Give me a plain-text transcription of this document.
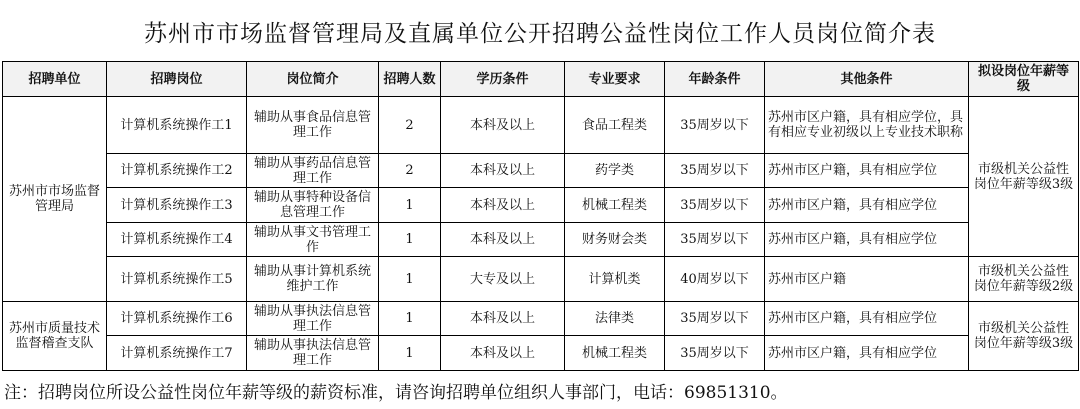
苏州市市场监督管理局及直属单位公开招聘公益性岗位工作人员岗位简介表
招聘单位	招聘岗位	岗位简介	招聘人数	学历条件	专业要求	年龄条件	其他条件	拟设岗位年薪等级
苏州市市场监督管理局	计算机系统操作工1	辅助从事食品信息管理工作	2	本科及以上	食品工程类	35周岁以下	苏州市区户籍，具有相应学位，具有相应专业初级以上专业技术职称	市级机关公益性岗位年薪等级3级
	计算机系统操作工2	辅助从事药品信息管理工作	2	本科及以上	药学类	35周岁以下	苏州市区户籍，具有相应学位	
	计算机系统操作工3	辅助从事特种设备信息管理工作	1	本科及以上	机械工程类	35周岁以下	苏州市区户籍，具有相应学位	
	计算机系统操作工4	辅助从事文书管理工作	1	本科及以上	财务财会类	35周岁以下	苏州市区户籍，具有相应学位	
	计算机系统操作工5	辅助从事计算机系统维护工作	1	大专及以上	计算机类	40周岁以下	苏州市区户籍	市级机关公益性岗位年薪等级2级
苏州市质量技术监督稽查支队	计算机系统操作工6	辅助从事执法信息管理工作	1	本科及以上	法律类	35周岁以下	苏州市区户籍，具有相应学位	市级机关公益性岗位年薪等级3级
	计算机系统操作工7	辅助从事执法信息管理工作	1	本科及以上	机械工程类	35周岁以下	苏州市区户籍，具有相应学位	
注：招聘岗位所设公益性岗位年薪等级的薪资标准，请咨询招聘单位组织人事部门，电话：69851310。
